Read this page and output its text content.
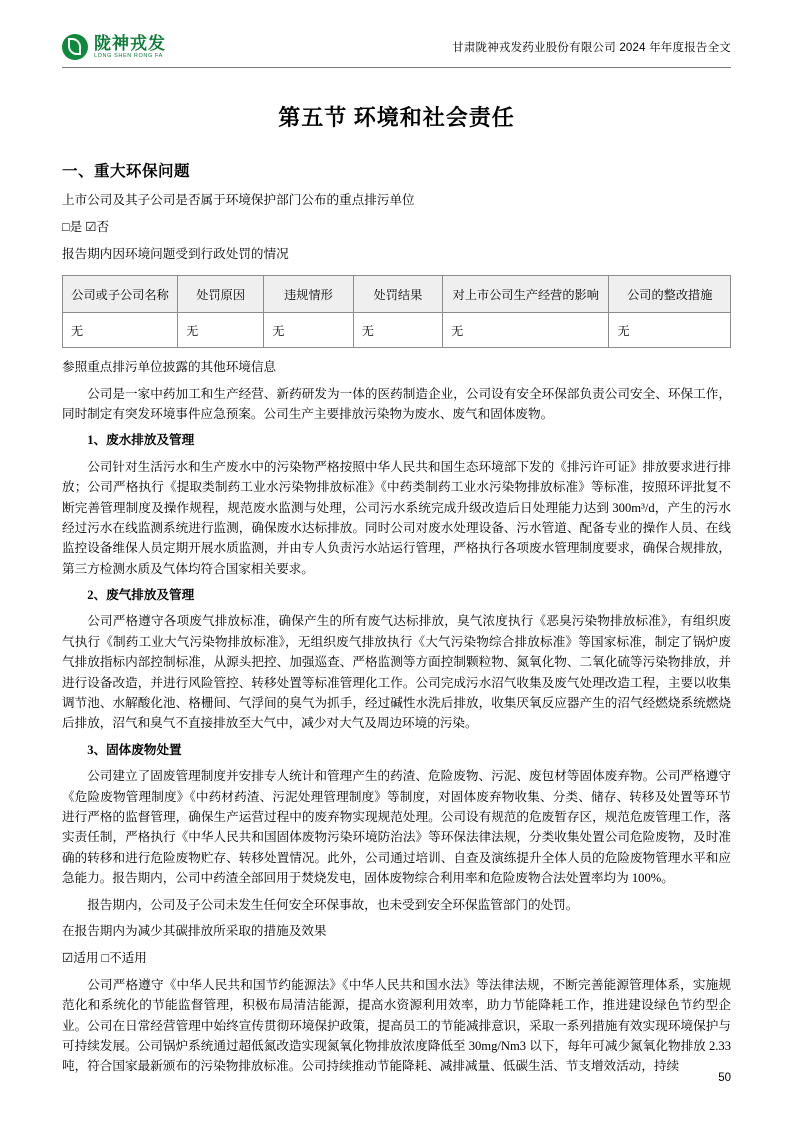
陇神戎发
LONG SHEN RONG FA
甘肃陇神戎发药业股份有限公司 2024 年年度报告全文
第五节 环境和社会责任
一、重大环保问题
上市公司及其子公司是否属于环境保护部门公布的重点排污单位
□是 ☑否
报告期内因环境问题受到行政处罚的情况
公司或子公司名称	处罚原因	违规情形	处罚结果	对上市公司生产经营的影响	公司的整改措施
无	无	无	无	无	无
参照重点排污单位披露的其他环境信息
公司是一家中药加工和生产经营、新药研发为一体的医药制造企业，公司设有安全环保部负责公司安全、环保工作，同时制定有突发环境事件应急预案。公司生产主要排放污染物为废水、废气和固体废物。
1、废水排放及管理
公司针对生活污水和生产废水中的污染物严格按照中华人民共和国生态环境部下发的《排污许可证》排放要求进行排放；公司严格执行《提取类制药工业水污染物排放标准》《中药类制药工业水污染物排放标准》等标准，按照环评批复不断完善管理制度及操作规程，规范废水监测与处理，公司污水系统完成升级改造后日处理能力达到 300m³/d，产生的污水经过污水在线监测系统进行监测，确保废水达标排放。同时公司对废水处理设备、污水管道、配备专业的操作人员、在线监控设备维保人员定期开展水质监测，并由专人负责污水站运行管理，严格执行各项废水管理制度要求，确保合规排放，第三方检测水质及气体均符合国家相关要求。
2、废气排放及管理
公司严格遵守各项废气排放标准，确保产生的所有废气达标排放，臭气浓度执行《恶臭污染物排放标准》，有组织废气执行《制药工业大气污染物排放标准》，无组织废气排放执行《大气污染物综合排放标准》等国家标准，制定了锅炉废气排放指标内部控制标准，从源头把控、加强巡查、严格监测等方面控制颗粒物、氮氧化物、二氧化硫等污染物排放，并进行设备改造，并进行风险管控、转移处置等标准管理化工作。公司完成污水沼气收集及废气处理改造工程，主要以收集调节池、水解酸化池、格栅间、气浮间的臭气为抓手，经过碱性水洗后排放，收集厌氧反应器产生的沼气经燃烧系统燃烧后排放，沼气和臭气不直接排放至大气中，减少对大气及周边环境的污染。
3、固体废物处置
公司建立了固废管理制度并安排专人统计和管理产生的药渣、危险废物、污泥、废包材等固体废弃物。公司严格遵守《危险废物管理制度》《中药材药渣、污泥处理管理制度》等制度，对固体废弃物收集、分类、储存、转移及处置等环节进行严格的监督管理，确保生产运营过程中的废弃物实现规范处理。公司设有规范的危废暂存区，规范危废管理工作，落实责任制，严格执行《中华人民共和国固体废物污染环境防治法》等环保法律法规，分类收集处置公司危险废物，及时准确的转移和进行危险废物贮存、转移处置情况。此外，公司通过培训、自查及演练提升全体人员的危险废物管理水平和应急能力。报告期内，公司中药渣全部回用于焚烧发电，固体废物综合利用率和危险废物合法处置率均为 100%。
报告期内，公司及子公司未发生任何安全环保事故，也未受到安全环保监管部门的处罚。
在报告期内为减少其碳排放所采取的措施及效果
☑适用 □不适用
公司严格遵守《中华人民共和国节约能源法》《中华人民共和国水法》等法律法规，不断完善能源管理体系，实施规范化和系统化的节能监督管理，积极布局清洁能源，提高水资源利用效率，助力节能降耗工作，推进建设绿色节约型企业。公司在日常经营管理中始终宣传贯彻环境保护政策，提高员工的节能减排意识，采取一系列措施有效实现环境保护与可持续发展。公司锅炉系统通过超低氮改造实现氮氧化物排放浓度降低至 30mg/Nm3 以下，每年可减少氮氧化物排放 2.33 吨，符合国家最新颁布的污染物排放标准。公司持续推动节能降耗、减排减量、低碳生活、节支增效活动，持续
50
